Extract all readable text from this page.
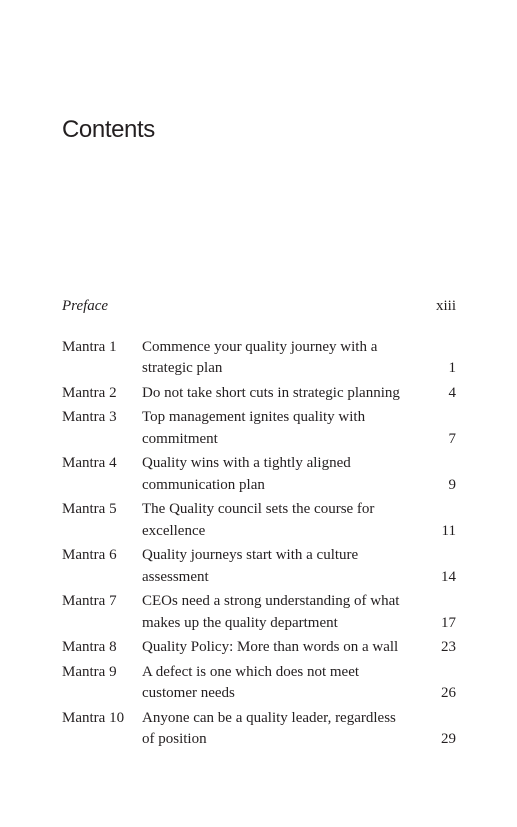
Contents
Preface	xiii
Mantra 1	Commence your quality journey with a
strategic plan	1
Mantra 2	Do not take short cuts in strategic planning	4
Mantra 3	Top management ignites quality with
commitment	7
Mantra 4	Quality wins with a tightly aligned
communication plan	9
Mantra 5	The Quality council sets the course for
excellence	11
Mantra 6	Quality journeys start with a culture
assessment	14
Mantra 7	CEOs need a strong understanding of what
makes up the quality department	17
Mantra 8	Quality Policy: More than words on a wall	23
Mantra 9	A defect is one which does not meet
customer needs	26
Mantra 10	Anyone can be a quality leader, regardless
of position	29
